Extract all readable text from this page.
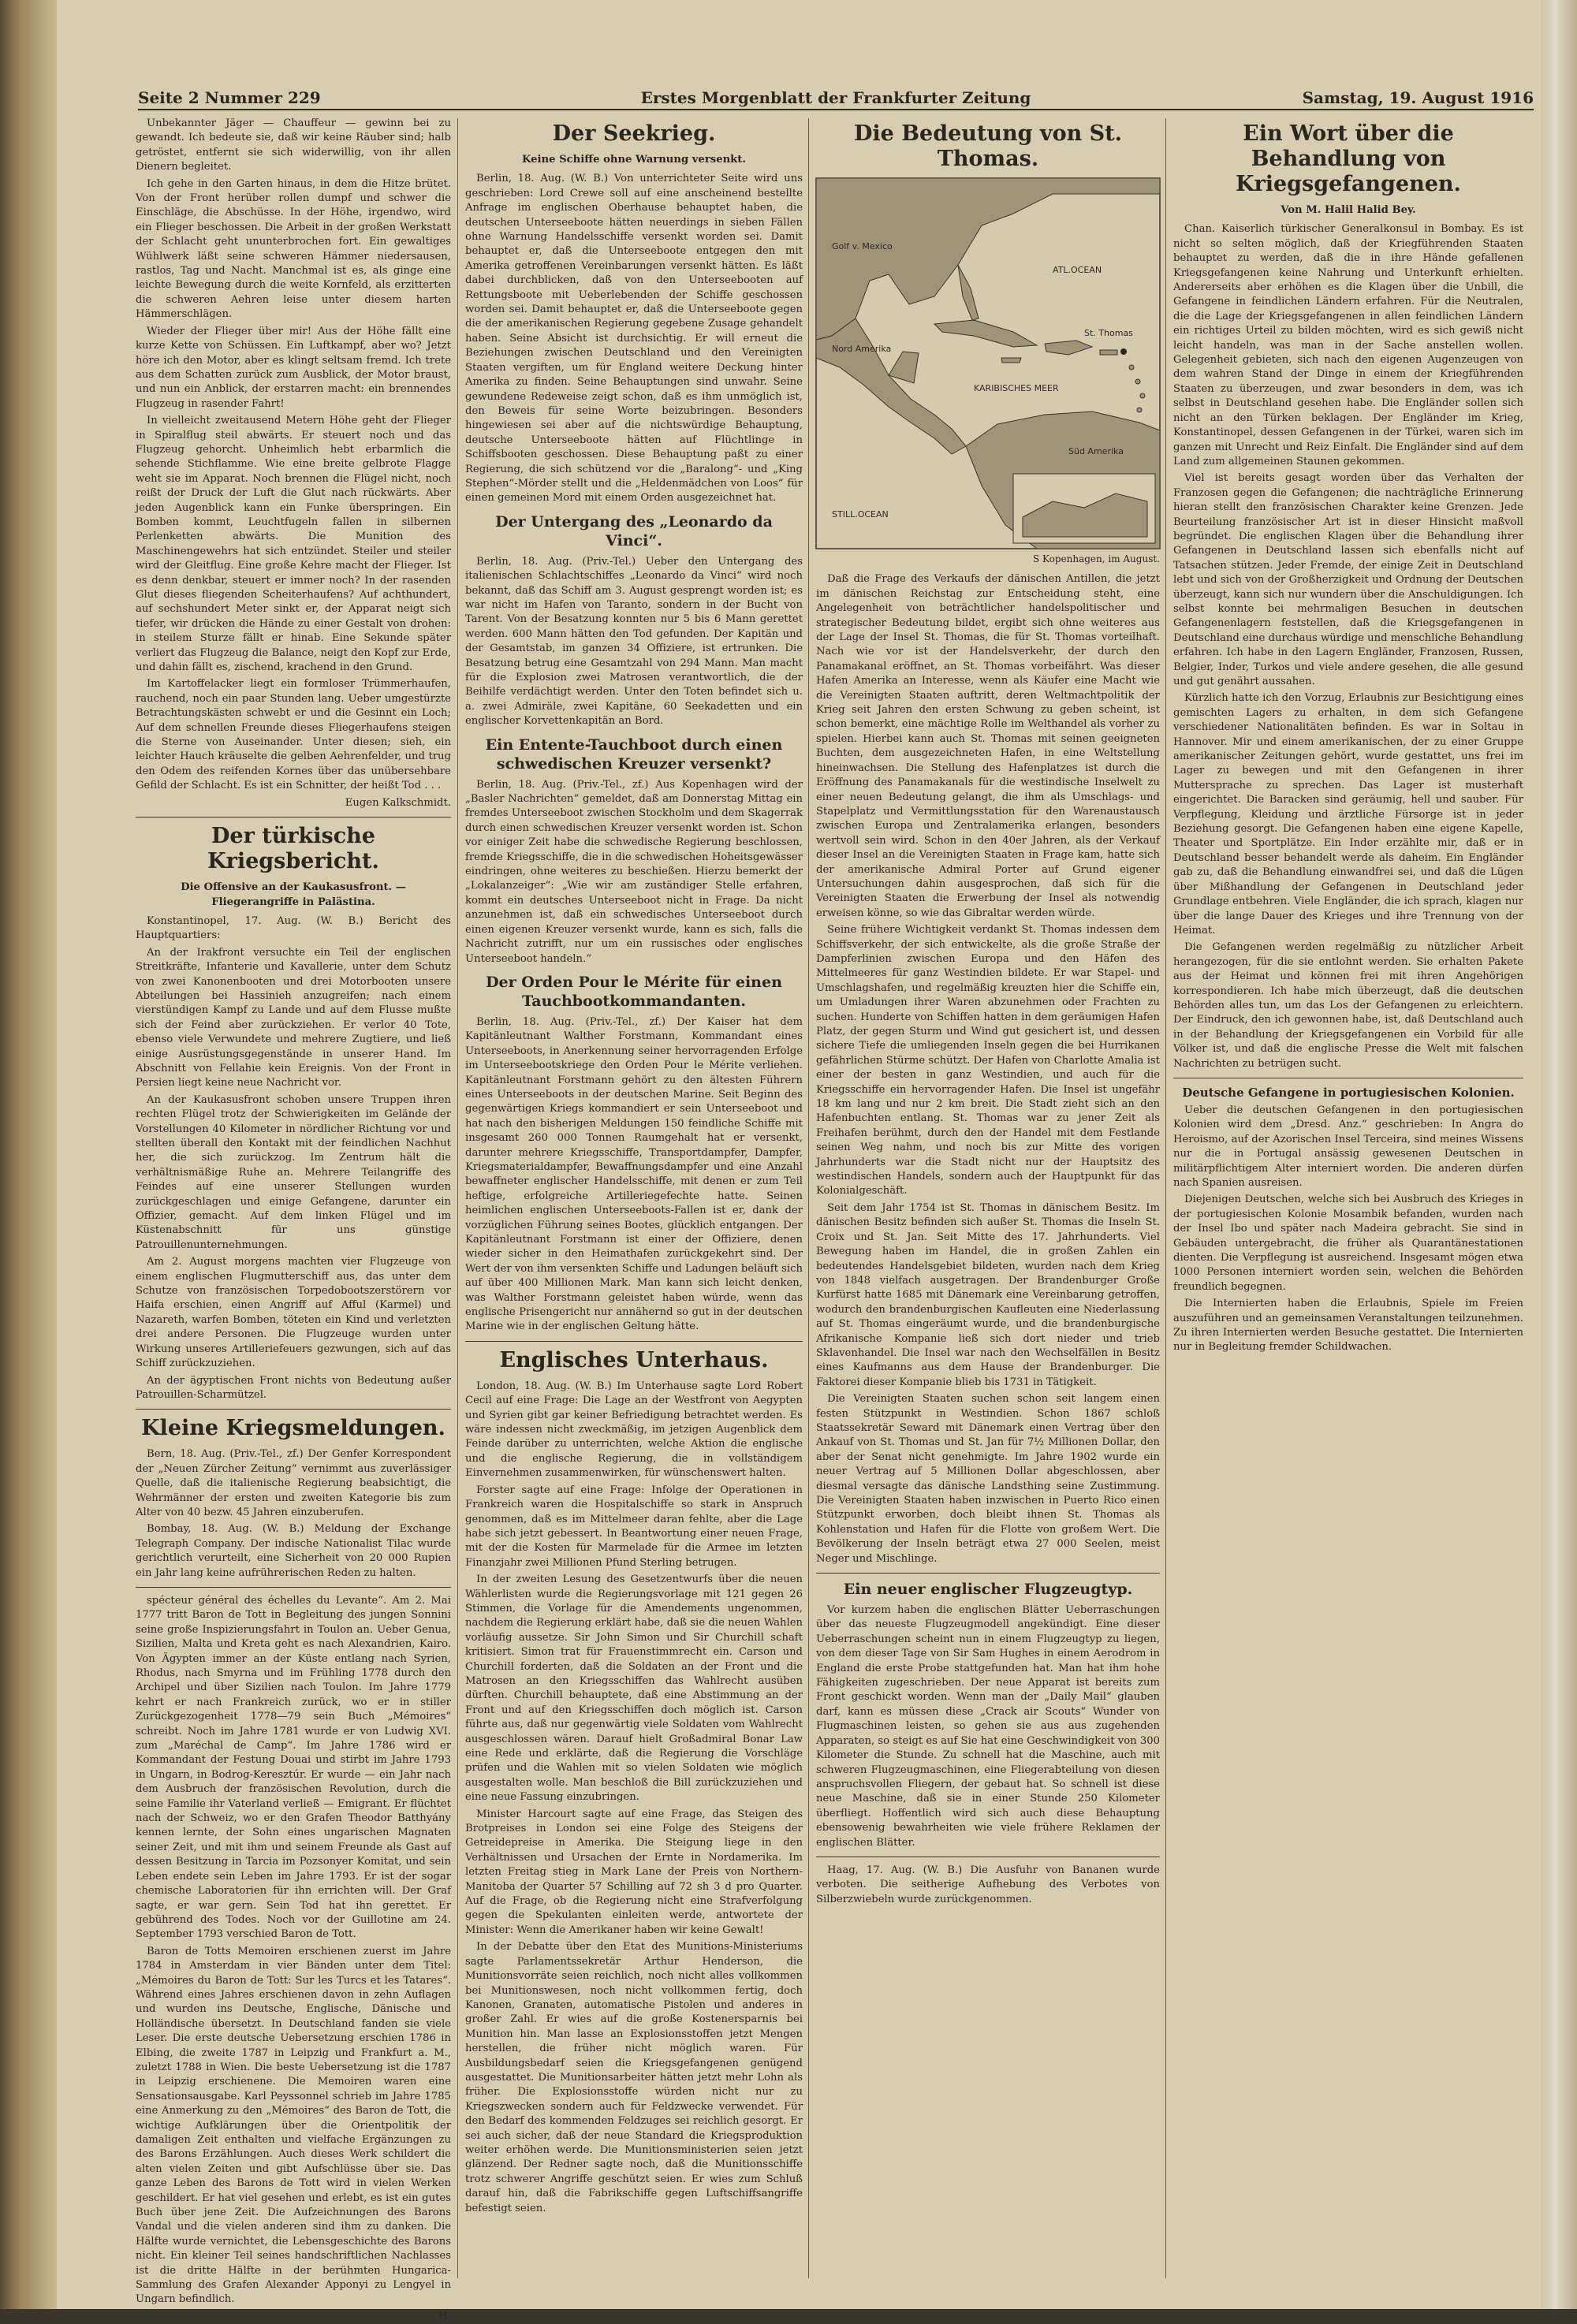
Seite 2 Nummer 229	Erstes Morgenblatt der Frankfurter Zeitung	Samstag, 19. August 1916

Unbekannter Jäger — Chauffeur — gewinn bei zu gewandt. Ich bedeute sie, daß wir keine Räuber sind; halb getröstet, entfernt sie sich widerwillig, von ihr allen Dienern begleitet.

Ich gehe in den Garten hinaus, in dem die Hitze brütet. Von der Front herüber rollen dumpf und schwer die Einschläge, die Abschüsse. In der Höhe, irgendwo, wird ein Flieger beschossen. Die Arbeit in der großen Werkstatt der Schlacht geht ununterbrochen fort. Ein gewaltiges Wühlwerk läßt seine schweren Hämmer niedersausen, rastlos, Tag und Nacht. Manchmal ist es, als ginge eine leichte Bewegung durch die weite Kornfeld, als erzitterten die schweren Aehren leise unter diesem harten Hämmerschlägen.

Wieder der Flieger über mir! Aus der Höhe fällt eine kurze Kette von Schüssen. Ein Luftkampf, aber wo? Jetzt höre ich den Motor, aber es klingt seltsam fremd. Ich trete aus dem Schatten zurück zum Ausblick, der Motor braust, und nun ein Anblick, der erstarren macht: ein brennendes Flugzeug in rasender Fahrt!

In vielleicht zweitausend Metern Höhe geht der Flieger in Spiralflug steil abwärts. Er steuert noch und das Flugzeug gehorcht. Unheimlich hebt erbarmlich die sehende Stichflamme. Wie eine breite gelbrote Flagge weht sie im Apparat. Noch brennen die Flügel nicht, noch reißt der Druck der Luft die Glut nach rückwärts. Aber jeden Augenblick kann ein Funke überspringen. Ein Bomben kommt, Leuchtfugeln fallen in silbernen Perlenketten abwärts. Die Munition des Maschinengewehrs hat sich entzündet. Steiler und steiler wird der Gleitflug. Eine große Kehre macht der Flieger. Ist es denn denkbar, steuert er immer noch? In der rasenden Glut dieses fliegenden Scheiterhaufens? Auf achthundert, auf sechshundert Meter sinkt er, der Apparat neigt sich tiefer, wir drücken die Hände zu einer Gestalt von drohen: in steilem Sturze fällt er hinab. Eine Sekunde später verliert das Flugzeug die Balance, neigt den Kopf zur Erde, und dahin fällt es, zischend, krachend in den Grund.

Im Kartoffelacker liegt ein formloser Trümmerhaufen, rauchend, noch ein paar Stunden lang. Ueber umgestürzte Betrachtungskästen schwebt er und die Gesinnt ein Loch; Auf dem schnellen Freunde dieses Fliegerhaufens steigen die Sterne von Auseinander. Unter diesen; sieh, ein leichter Hauch kräuselte die gelben Aehrenfelder, und trug den Odem des reifenden Kornes über das unübersehbare Gefild der Schlacht. Es ist ein Schnitter, der heißt Tod . . .

Eugen Kalkschmidt.
Der türkische Kriegsbericht.
Die Offensive an der Kaukasusfront. — Fliegerangriffe in Palästina.

Konstantinopel, 17. Aug. (W. B.) Bericht des Hauptquartiers:

An der Irakfront versuchte ein Teil der englischen Streitkräfte, Infanterie und Kavallerie, unter dem Schutz von zwei Kanonenbooten und drei Motorbooten unsere Abteilungen bei Hassinieh anzugreifen; nach einem vierstündigen Kampf zu Lande und auf dem Flusse mußte sich der Feind aber zurückziehen. Er verlor 40 Tote, ebenso viele Verwundete und mehrere Zugtiere, und ließ einige Ausrüstungsgegenstände in unserer Hand. Im Abschnitt von Fellahie kein Ereignis. Von der Front in Persien liegt keine neue Nachricht vor.

An der Kaukasusfront schoben unsere Truppen ihren rechten Flügel trotz der Schwierigkeiten im Gelände der Vorstellungen 40 Kilometer in nördlicher Richtung vor und stellten überall den Kontakt mit der feindlichen Nachhut her, die sich zurückzog. Im Zentrum hält die verhältnismäßige Ruhe an. Mehrere Teilangriffe des Feindes auf eine unserer Stellungen wurden zurückgeschlagen und einige Gefangene, darunter ein Offizier, gemacht. Auf dem linken Flügel und im Küstenabschnitt für uns günstige Patrouillenunternehmungen.

Am 2. August morgens machten vier Flugzeuge von einem englischen Flugmutterschiff aus, das unter dem Schutze von französischen Torpedobootszerstörern vor Haifa erschien, einen Angriff auf Afful (Karmel) und Nazareth, warfen Bomben, töteten ein Kind und verletzten drei andere Personen. Die Flugzeuge wurden unter Wirkung unseres Artilleriefeuers gezwungen, sich auf das Schiff zurückzuziehen.

An der ägyptischen Front nichts von Bedeutung außer Patrouillen-Scharmützel.

Kleine Kriegsmeldungen.

Bern, 18. Aug. (Priv.-Tel., zf.) Der Genfer Korrespondent der „Neuen Zürcher Zeitung“ vernimmt aus zuverlässiger Quelle, daß die italienische Regierung beabsichtigt, die Wehrmänner der ersten und zweiten Kategorie bis zum Alter von 40 bezw. 45 Jahren einzuberufen.

Bombay, 18. Aug. (W. B.) Meldung der Exchange Telegraph Company. Der indische Nationalist Tilac wurde gerichtlich verurteilt, eine Sicherheit von 20 000 Rupien ein Jahr lang keine aufrührerischen Reden zu halten.

spécteur général des échelles du Levante“. Am 2. Mai 1777 tritt Baron de Tott in Begleitung des jungen Sonnini seine große Inspizierungsfahrt in Toulon an. Ueber Genua, Sizilien, Malta und Kreta geht es nach Alexandrien, Kairo. Von Ägypten immer an der Küste entlang nach Syrien, Rhodus, nach Smyrna und im Frühling 1778 durch den Archipel und über Sizilien nach Toulon. Im Jahre 1779 kehrt er nach Frankreich zurück, wo er in stiller Zurückgezogenheit 1778—79 sein Buch „Mémoires“ schreibt. Noch im Jahre 1781 wurde er von Ludwig XVI. zum „Maréchal de Camp“. Im Jahre 1786 wird er Kommandant der Festung Douai und stirbt im Jahre 1793 in Ungarn, in Bodrog-Keresztúr. Er wurde — ein Jahr nach dem Ausbruch der französischen Revolution, durch die seine Familie ihr Vaterland verließ — Emigrant. Er flüchtet nach der Schweiz, wo er den Grafen Theodor Batthyány kennen lernte, der Sohn eines ungarischen Magnaten seiner Zeit, und mit ihm und seinem Freunde als Gast auf dessen Besitzung in Tarcia im Pozsonyer Komitat, und sein Leben endete sein Leben im Jahre 1793. Er ist der sogar chemische Laboratorien für ihn errichten will. Der Graf sagte, er war gern. Sein Tod hat ihn gerettet. Er gebührend des Todes. Noch vor der Guillotine am 24. September 1793 verschied Baron de Tott.

Baron de Totts Memoiren erschienen zuerst im Jahre 1784 in Amsterdam in vier Bänden unter dem Titel: „Mémoires du Baron de Tott: Sur les Turcs et les Tatares“. Während eines Jahres erschienen davon in zehn Auflagen und wurden ins Deutsche, Englische, Dänische und Holländische übersetzt. In Deutschland fanden sie viele Leser. Die erste deutsche Uebersetzung erschien 1786 in Elbing, die zweite 1787 in Leipzig und Frankfurt a. M., zuletzt 1788 in Wien. Die beste Uebersetzung ist die 1787 in Leipzig erschienene. Die Memoiren waren eine Sensationsausgabe. Karl Peyssonnel schrieb im Jahre 1785 eine Anmerkung zu den „Mémoires“ des Baron de Tott, die wichtige Aufklärungen über die Orientpolitik der damaligen Zeit enthalten und vielfache Ergänzungen zu des Barons Erzählungen. Auch dieses Werk schildert die alten vielen Zeiten und gibt Aufschlüsse über sie. Das ganze Leben des Barons de Tott wird in vielen Werken geschildert. Er hat viel gesehen und erlebt, es ist ein gutes Buch über jene Zeit. Die Aufzeichnungen des Barons Vandal und die vielen anderen sind ihm zu danken. Die Hälfte wurde vernichtet, die Lebensgeschichte des Barons nicht. Ein kleiner Teil seines handschriftlichen Nachlasses ist die dritte Hälfte in der berühmten Hungarica-Sammlung des Grafen Alexander Apponyi zu Lengyel in Ungarn befindlich.

H.
Der Seekrieg.
Keine Schiffe ohne Warnung versenkt.

Berlin, 18. Aug. (W. B.) Von unterrichteter Seite wird uns geschrieben: Lord Crewe soll auf eine anscheinend bestellte Anfrage im englischen Oberhause behauptet haben, die deutschen Unterseeboote hätten neuerdings in sieben Fällen ohne Warnung Handelsschiffe versenkt worden sei. Damit behauptet er, daß die Unterseeboote entgegen den mit Amerika getroffenen Vereinbarungen versenkt hätten. Es läßt dabei durchblicken, daß von den Unterseebooten auf Rettungsboote mit Ueberlebenden der Schiffe geschossen worden sei. Damit behauptet er, daß die Unterseeboote gegen die der amerikanischen Regierung gegebene Zusage gehandelt haben. Seine Absicht ist durchsichtig. Er will erneut die Beziehungen zwischen Deutschland und den Vereinigten Staaten vergiften, um für England weitere Deckung hinter Amerika zu finden. Seine Behauptungen sind unwahr. Seine gewundene Redeweise zeigt schon, daß es ihm unmöglich ist, den Beweis für seine Worte beizubringen. Besonders hingewiesen sei aber auf die nichtswürdige Behauptung, deutsche Unterseeboote hätten auf Flüchtlinge in Schiffsbooten geschossen. Diese Behauptung paßt zu einer Regierung, die sich schützend vor die „Baralong“- und „King Stephen“-Mörder stellt und die „Heldenmädchen von Loos“ für einen gemeinen Mord mit einem Orden ausgezeichnet hat.

Der Untergang des „Leonardo da Vinci“.

Berlin, 18. Aug. (Priv.-Tel.) Ueber den Untergang des italienischen Schlachtschiffes „Leonardo da Vinci“ wird noch bekannt, daß das Schiff am 3. August gesprengt worden ist; es war nicht im Hafen von Taranto, sondern in der Bucht von Tarent. Von der Besatzung konnten nur 5 bis 6 Mann gerettet werden. 600 Mann hätten den Tod gefunden. Der Kapitän und der Gesamtstab, im ganzen 34 Offiziere, ist ertrunken. Die Besatzung betrug eine Gesamtzahl von 294 Mann. Man macht für die Explosion zwei Matrosen verantwortlich, die der Beihilfe verdächtigt werden. Unter den Toten befindet sich u. a. zwei Admiräle, zwei Kapitäne, 60 Seekadetten und ein englischer Korvettenkapitän an Bord.

Ein Entente-Tauchboot durch einen schwedischen Kreuzer versenkt?

Berlin, 18. Aug. (Priv.-Tel., zf.) Aus Kopenhagen wird der „Basler Nachrichten“ gemeldet, daß am Donnerstag Mittag ein fremdes Unterseeboot zwischen Stockholm und dem Skagerrak durch einen schwedischen Kreuzer versenkt worden ist. Schon vor einiger Zeit habe die schwedische Regierung beschlossen, fremde Kriegsschiffe, die in die schwedischen Hoheitsgewässer eindringen, ohne weiteres zu beschießen. Hierzu bemerkt der „Lokalanzeiger“: „Wie wir am zuständiger Stelle erfahren, kommt ein deutsches Unterseeboot nicht in Frage. Da nicht anzunehmen ist, daß ein schwedisches Unterseeboot durch einen eigenen Kreuzer versenkt wurde, kann es sich, falls die Nachricht zutrifft, nur um ein russisches oder englisches Unterseeboot handeln.“

Der Orden Pour le Mérite für einen Tauchbootkommandanten.

Berlin, 18. Aug. (Priv.-Tel., zf.) Der Kaiser hat dem Kapitänleutnant Walther Forstmann, Kommandant eines Unterseeboots, in Anerkennung seiner hervorragenden Erfolge im Unterseebootskriege den Orden Pour le Mérite verliehen. Kapitänleutnant Forstmann gehört zu den ältesten Führern eines Unterseeboots in der deutschen Marine. Seit Beginn des gegenwärtigen Kriegs kommandiert er sein Unterseeboot und hat nach den bisherigen Meldungen 150 feindliche Schiffe mit insgesamt 260 000 Tonnen Raumgehalt hat er versenkt, darunter mehrere Kriegsschiffe, Transportdampfer, Dampfer, Kriegsmaterialdampfer, Bewaffnungsdampfer und eine Anzahl bewaffneter englischer Handelsschiffe, mit denen er zum Teil heftige, erfolgreiche Artilleriegefechte hatte. Seinen heimlichen englischen Unterseeboots-Fallen ist er, dank der vorzüglichen Führung seines Bootes, glücklich entgangen. Der Kapitänleutnant Forstmann ist einer der Offiziere, denen wieder sicher in den Heimathafen zurückgekehrt sind. Der Wert der von ihm versenkten Schiffe und Ladungen beläuft sich auf über 400 Millionen Mark. Man kann sich leicht denken, was Walther Forstmann geleistet haben würde, wenn das englische Prisengericht nur annähernd so gut in der deutschen Marine wie in der englischen Geltung hätte.

Englisches Unterhaus.

London, 18. Aug. (W. B.) Im Unterhause sagte Lord Robert Cecil auf eine Frage: Die Lage an der Westfront von Aegypten und Syrien gibt gar keiner Befriedigung betrachtet werden. Es wäre indessen nicht zweckmäßig, im jetzigen Augenblick dem Feinde darüber zu unterrichten, welche Aktion die englische und die englische Regierung, die in vollständigem Einvernehmen zusammenwirken, für wünschenswert halten.

Forster sagte auf eine Frage: Infolge der Operationen in Frankreich waren die Hospitalschiffe so stark in Anspruch genommen, daß es im Mittelmeer daran fehlte, aber die Lage habe sich jetzt gebessert. In Beantwortung einer neuen Frage, mit der die Kosten für Marmelade für die Armee im letzten Finanzjahr zwei Millionen Pfund Sterling betrugen.

In der zweiten Lesung des Gesetzentwurfs über die neuen Wählerlisten wurde die Regierungsvorlage mit 121 gegen 26 Stimmen, die Vorlage für die Amendements ungenommen, nachdem die Regierung erklärt habe, daß sie die neuen Wahlen vorläufig aussetze. Sir John Simon und Sir Churchill schaft kritisiert. Simon trat für Frauenstimmrecht ein. Carson und Churchill forderten, daß die Soldaten an der Front und die Matrosen an den Kriegsschiffen das Wahlrecht ausüben dürften. Churchill behauptete, daß eine Abstimmung an der Front und auf den Kriegsschiffen doch möglich ist. Carson führte aus, daß nur gegenwärtig viele Soldaten vom Wahlrecht ausgeschlossen wären. Darauf hielt Großadmiral Bonar Law eine Rede und erklärte, daß die Regierung die Vorschläge prüfen und die Wahlen mit so vielen Soldaten wie möglich ausgestalten wolle. Man beschloß die Bill zurückzuziehen und eine neue Fassung einzubringen.

Minister Harcourt sagte auf eine Frage, das Steigen des Brotpreises in London sei eine Folge des Steigens der Getreidepreise in Amerika. Die Steigung liege in den Verhältnissen und Ursachen der Ernte in Nordamerika. Im letzten Freitag stieg in Mark Lane der Preis von Northern-Manitoba der Quarter 57 Schilling auf 72 sh 3 d pro Quarter. Auf die Frage, ob die Regierung nicht eine Strafverfolgung gegen die Spekulanten einleiten werde, antwortete der Minister: Wenn die Amerikaner haben wir keine Gewalt!

In der Debatte über den Etat des Munitions-Ministeriums sagte Parlamentssekretär Arthur Henderson, die Munitionsvorräte seien reichlich, noch nicht alles vollkommen bei Munitionswesen, noch nicht vollkommen fertig, doch Kanonen, Granaten, automatische Pistolen und anderes in großer Zahl. Er wies auf die große Kostenersparnis bei Munition hin. Man lasse an Explosionsstoffen jetzt Mengen herstellen, die früher nicht möglich waren. Für Ausbildungsbedarf seien die Kriegsgefangenen genügend ausgestattet. Die Munitionsarbeiter hätten jetzt mehr Lohn als früher. Die Explosionsstoffe würden nicht nur zu Kriegszwecken sondern auch für Feldzwecke verwendet. Für den Bedarf des kommenden Feldzuges sei reichlich gesorgt. Er sei auch sicher, daß der neue Standard die Kriegsproduktion weiter erhöhen werde. Die Munitionsministerien seien jetzt glänzend. Der Redner sagte noch, daß die Munitionsschiffe trotz schwerer Angriffe geschützt seien. Er wies zum Schluß darauf hin, daß die Fabrikschiffe gegen Luftschiffsangriffe befestigt seien.

Die Bedeutung von St. Thomas.
Golf v. Mexico
ATL.OCEAN
Nord Amerika
KARIBISCHES MEER
Süd Amerika
STILL.OCEAN
St. Thomas
S Kopenhagen, im August.

Daß die Frage des Verkaufs der dänischen Antillen, die jetzt im dänischen Reichstag zur Entscheidung steht, eine Angelegenheit von beträchtlicher handelspolitischer und strategischer Bedeutung bildet, ergibt sich ohne weiteres aus der Lage der Insel St. Thomas, die für St. Thomas vorteilhaft. Nach wie vor ist der Handelsverkehr, der durch den Panamakanal eröffnet, an St. Thomas vorbeifährt. Was dieser Hafen Amerika an Interesse, wenn als Käufer eine Macht wie die Vereinigten Staaten auftritt, deren Weltmachtpolitik der Krieg seit Jahren den ersten Schwung zu geben scheint, ist schon bemerkt, eine mächtige Rolle im Welthandel als vorher zu spielen. Hierbei kann auch St. Thomas mit seinen geeigneten Buchten, dem ausgezeichneten Hafen, in eine Weltstellung hineinwachsen. Die Stellung des Hafenplatzes ist durch die Eröffnung des Panamakanals für die westindische Inselwelt zu einer neuen Bedeutung gelangt, die ihm als Umschlags- und Stapelplatz und Vermittlungsstation für den Warenaustausch zwischen Europa und Zentralamerika erlangen, besonders wertvoll sein wird. Schon in den 40er Jahren, als der Verkauf dieser Insel an die Vereinigten Staaten in Frage kam, hatte sich der amerikanische Admiral Porter auf Grund eigener Untersuchungen dahin ausgesprochen, daß sich für die Vereinigten Staaten die Erwerbung der Insel als notwendig erweisen könne, so wie das Gibraltar werden würde.

Seine frühere Wichtigkeit verdankt St. Thomas indessen dem Schiffsverkehr, der sich entwickelte, als die große Straße der Dampferlinien zwischen Europa und den Häfen des Mittelmeeres für ganz Westindien bildete. Er war Stapel- und Umschlagshafen, und regelmäßig kreuzten hier die Schiffe ein, um Umladungen ihrer Waren abzunehmen oder Frachten zu suchen. Hunderte von Schiffen hatten in dem geräumigen Hafen Platz, der gegen Sturm und Wind gut gesichert ist, und dessen sichere Tiefe die umliegenden Inseln gegen die bei Hurrikanen gefährlichen Stürme schützt. Der Hafen von Charlotte Amalia ist einer der besten in ganz Westindien, und auch für die Kriegsschiffe ein hervorragender Hafen. Die Insel ist ungefähr 18 km lang und nur 2 km breit. Die Stadt zieht sich an den Hafenbuchten entlang. St. Thomas war zu jener Zeit als Freihafen berühmt, durch den der Handel mit dem Festlande seinen Weg nahm, und noch bis zur Mitte des vorigen Jahrhunderts war die Stadt nicht nur der Hauptsitz des westindischen Handels, sondern auch der Hauptpunkt für das Kolonialgeschäft.

Seit dem Jahr 1754 ist St. Thomas in dänischem Besitz. Im dänischen Besitz befinden sich außer St. Thomas die Inseln St. Croix und St. Jan. Seit Mitte des 17. Jahrhunderts. Viel Bewegung haben im Handel, die in großen Zahlen ein bedeutendes Handelsgebiet bildeten, wurden nach dem Krieg von 1848 vielfach ausgetragen. Der Brandenburger Große Kurfürst hatte 1685 mit Dänemark eine Vereinbarung getroffen, wodurch den brandenburgischen Kaufleuten eine Niederlassung auf St. Thomas eingeräumt wurde, und die brandenburgische Afrikanische Kompanie ließ sich dort nieder und trieb Sklavenhandel. Die Insel war nach den Wechselfällen in Besitz eines Kaufmanns aus dem Hause der Brandenburger. Die Faktorei dieser Kompanie blieb bis 1731 in Tätigkeit.

Die Vereinigten Staaten suchen schon seit langem einen festen Stützpunkt in Westindien. Schon 1867 schloß Staatssekretär Seward mit Dänemark einen Vertrag über den Ankauf von St. Thomas und St. Jan für 7½ Millionen Dollar, den aber der Senat nicht genehmigte. Im Jahre 1902 wurde ein neuer Vertrag auf 5 Millionen Dollar abgeschlossen, aber diesmal versagte das dänische Landsthing seine Zustimmung. Die Vereinigten Staaten haben inzwischen in Puerto Rico einen Stützpunkt erworben, doch bleibt ihnen St. Thomas als Kohlenstation und Hafen für die Flotte von großem Wert. Die Bevölkerung der Inseln beträgt etwa 27 000 Seelen, meist Neger und Mischlinge.

Ein neuer englischer Flugzeugtyp.

Vor kurzem haben die englischen Blätter Ueberraschungen über das neueste Flugzeugmodell angekündigt. Eine dieser Ueberraschungen scheint nun in einem Flugzeugtyp zu liegen, von dem dieser Tage von Sir Sam Hughes in einem Aerodrom in England die erste Probe stattgefunden hat. Man hat ihm hohe Fähigkeiten zugeschrieben. Der neue Apparat ist bereits zum Front geschickt worden. Wenn man der „Daily Mail“ glauben darf, kann es müssen diese „Crack air Scouts“ Wunder von Flugmaschinen leisten, so gehen sie aus aus zugehenden Apparaten, so steigt es auf Sie hat eine Geschwindigkeit von 300 Kilometer die Stunde. Zu schnell hat die Maschine, auch mit schweren Flugzeugmaschinen, eine Fliegerabteilung von diesen anspruchsvollen Fliegern, der gebaut hat. So schnell ist diese neue Maschine, daß sie in einer Stunde 250 Kilometer überfliegt. Hoffentlich wird sich auch diese Behauptung ebensowenig bewahrheiten wie viele frühere Reklamen der englischen Blätter.

Haag, 17. Aug. (W. B.) Die Ausfuhr von Bananen wurde verboten. Die seitherige Aufhebung des Verbotes von Silberzwiebeln wurde zurückgenommen.

Ein Wort über die Behandlung von Kriegsgefangenen.
Von M. Halil Halid Bey.

Chan. Kaiserlich türkischer Generalkonsul in Bombay. Es ist nicht so selten möglich, daß der Kriegführenden Staaten behauptet zu werden, daß die in ihre Hände gefallenen Kriegsgefangenen keine Nahrung und Unterkunft erhielten. Andererseits aber erhöhen es die Klagen über die Unbill, die Gefangene in feindlichen Ländern erfahren. Für die Neutralen, die die Lage der Kriegsgefangenen in allen feindlichen Ländern ein richtiges Urteil zu bilden möchten, wird es sich gewiß nicht leicht handeln, was man in der Sache anstellen wollen. Gelegenheit gebieten, sich nach den eigenen Augenzeugen von dem wahren Stand der Dinge in einem der Kriegführenden Staaten zu überzeugen, und zwar besonders in dem, was ich selbst in Deutschland gesehen habe. Die Engländer sollen sich nicht an den Türken beklagen. Der Engländer im Krieg, Konstantinopel, dessen Gefangenen in der Türkei, waren sich im ganzen mit Unrecht und Reiz Einfalt. Die Engländer sind auf dem Land zum allgemeinen Staunen gekommen.

Viel ist bereits gesagt worden über das Verhalten der Franzosen gegen die Gefangenen; die nachträgliche Erinnerung hieran stellt den französischen Charakter keine Grenzen. Jede Beurteilung französischer Art ist in dieser Hinsicht maßvoll begründet. Die englischen Klagen über die Behandlung ihrer Gefangenen in Deutschland lassen sich ebenfalls nicht auf Tatsachen stützen. Jeder Fremde, der einige Zeit in Deutschland lebt und sich von der Großherzigkeit und Ordnung der Deutschen überzeugt, kann sich nur wundern über die Anschuldigungen. Ich selbst konnte bei mehrmaligen Besuchen in deutschen Gefangenenlagern feststellen, daß die Kriegsgefangenen in Deutschland eine durchaus würdige und menschliche Behandlung erfahren. Ich habe in den Lagern Engländer, Franzosen, Russen, Belgier, Inder, Turkos und viele andere gesehen, die alle gesund und gut genährt aussahen.

Kürzlich hatte ich den Vorzug, Erlaubnis zur Besichtigung eines gemischten Lagers zu erhalten, in dem sich Gefangene verschiedener Nationalitäten befinden. Es war in Soltau in Hannover. Mir und einem amerikanischen, der zu einer Gruppe amerikanischer Zeitungen gehört, wurde gestattet, uns frei im Lager zu bewegen und mit den Gefangenen in ihrer Muttersprache zu sprechen. Das Lager ist musterhaft eingerichtet. Die Baracken sind geräumig, hell und sauber. Für Verpflegung, Kleidung und ärztliche Fürsorge ist in jeder Beziehung gesorgt. Die Gefangenen haben eine eigene Kapelle, Theater und Sportplätze. Ein Inder erzählte mir, daß er in Deutschland besser behandelt werde als daheim. Ein Engländer gab zu, daß die Behandlung einwandfrei sei, und daß die Lügen über Mißhandlung der Gefangenen in Deutschland jeder Grundlage entbehren. Viele Engländer, die ich sprach, klagen nur über die lange Dauer des Krieges und ihre Trennung von der Heimat.

Die Gefangenen werden regelmäßig zu nützlicher Arbeit herangezogen, für die sie entlohnt werden. Sie erhalten Pakete aus der Heimat und können frei mit ihren Angehörigen korrespondieren. Ich habe mich überzeugt, daß die deutschen Behörden alles tun, um das Los der Gefangenen zu erleichtern. Der Eindruck, den ich gewonnen habe, ist, daß Deutschland auch in der Behandlung der Kriegsgefangenen ein Vorbild für alle Völker ist, und daß die englische Presse die Welt mit falschen Nachrichten zu betrügen sucht.

Deutsche Gefangene in portugiesischen Kolonien.

Ueber die deutschen Gefangenen in den portugiesischen Kolonien wird dem „Dresd. Anz.“ geschrieben: In Angra do Heroismo, auf der Azorischen Insel Terceira, sind meines Wissens nur die in Portugal ansässig gewesenen Deutschen in militärpflichtigem Alter interniert worden. Die anderen dürfen nach Spanien ausreisen.

Diejenigen Deutschen, welche sich bei Ausbruch des Krieges in der portugiesischen Kolonie Mosambik befanden, wurden nach der Insel Ibo und später nach Madeira gebracht. Sie sind in Gebäuden untergebracht, die früher als Quarantänestationen dienten. Die Verpflegung ist ausreichend. Insgesamt mögen etwa 1000 Personen interniert worden sein, welchen die Behörden freundlich begegnen.

Die Internierten haben die Erlaubnis, Spiele im Freien auszuführen und an gemeinsamen Veranstaltungen teilzunehmen. Zu ihren Internierten werden Besuche gestattet. Die Internierten nur in Begleitung fremder Schildwachen.
